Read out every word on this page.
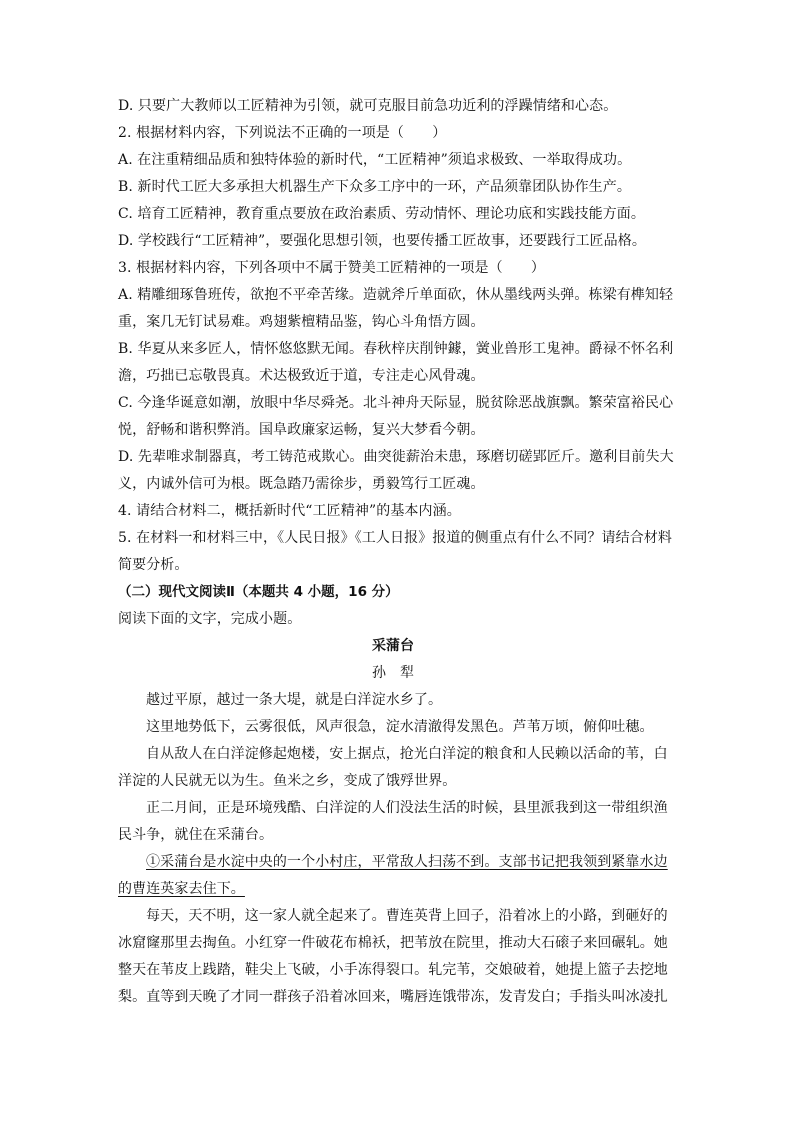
D. 只要广大教师以工匠精神为引领，就可克服目前急功近利的浮躁情绪和心态。
2. 根据材料内容，下列说法不正确的一项是（　　）
A. 在注重精细品质和独特体验的新时代，“工匠精神”须追求极致、一举取得成功。
B. 新时代工匠大多承担大机器生产下众多工序中的一环，产品须靠团队协作生产。
C. 培育工匠精神，教育重点要放在政治素质、劳动情怀、理论功底和实践技能方面。
D. 学校践行“工匠精神”，要强化思想引领，也要传播工匠故事，还要践行工匠品格。
3. 根据材料内容，下列各项中不属于赞美工匠精神的一项是（　　）
A. 精雕细琢鲁班传，欲抱不平牵苦缘。造就斧斤单面砍，休从墨线两头弹。栋梁有榫知轻
重，案几无钉试易难。鸡翅紫檀精品鉴，钩心斗角悟方圆。
B. 华夏从来多匠人，情怀悠悠默无闻。春秋梓庆削钟鐻，黉业兽形工鬼神。爵禄不怀名利
澹，巧拙已忘敬畏真。术达极致近于道，专注走心风骨魂。
C. 今逢华诞意如潮，放眼中华尽舜尧。北斗神舟天际显，脱贫除恶战旗飘。繁荣富裕民心
悦，舒畅和谐积弊消。国阜政廉家运畅，复兴大梦看今朝。
D. 先辈唯求制器真，考工铸范戒欺心。曲突徙薪治未患，琢磨切磋郢匠斤。邀利目前失大
义，内诚外信可为根。既急踏乃需徐步，勇毅笃行工匠魂。
4. 请结合材料二，概括新时代“工匠精神”的基本内涵。
5. 在材料一和材料三中，《人民日报》《工人日报》报道的侧重点有什么不同？请结合材料
简要分析。
（二）现代文阅读Ⅱ（本题共 4 小题，16 分）
阅读下面的文字，完成小题。
采蒲台
孙　犁
越过平原，越过一条大堤，就是白洋淀水乡了。
这里地势低下，云雾很低，风声很急，淀水清澈得发黑色。芦苇万顷，俯仰吐穗。
自从敌人在白洋淀修起炮楼，安上据点，抢光白洋淀的粮食和人民赖以活命的苇，白
洋淀的人民就无以为生。鱼米之乡，变成了饿殍世界。
正二月间，正是环境残酷、白洋淀的人们没法生活的时候，县里派我到这一带组织渔
民斗争，就住在采蒲台。
①采蒲台是水淀中央的一个小村庄，平常敌人扫荡不到。支部书记把我领到紧靠水边
的曹连英家去住下。
每天，天不明，这一家人就全起来了。曹连英背上回子，沿着冰上的小路，到砸好的
冰窟窿那里去掏鱼。小红穿一件破花布棉袄，把苇放在院里，推动大石磙子来回碾轧。她
整天在苇皮上践踏，鞋尖上飞破，小手冻得裂口。轧完苇，交娘破着，她提上篮子去挖地
梨。直等到天晚了才同一群孩子沿着冰回来，嘴唇连饿带冻，发青发白；手指头叫冰凌扎
